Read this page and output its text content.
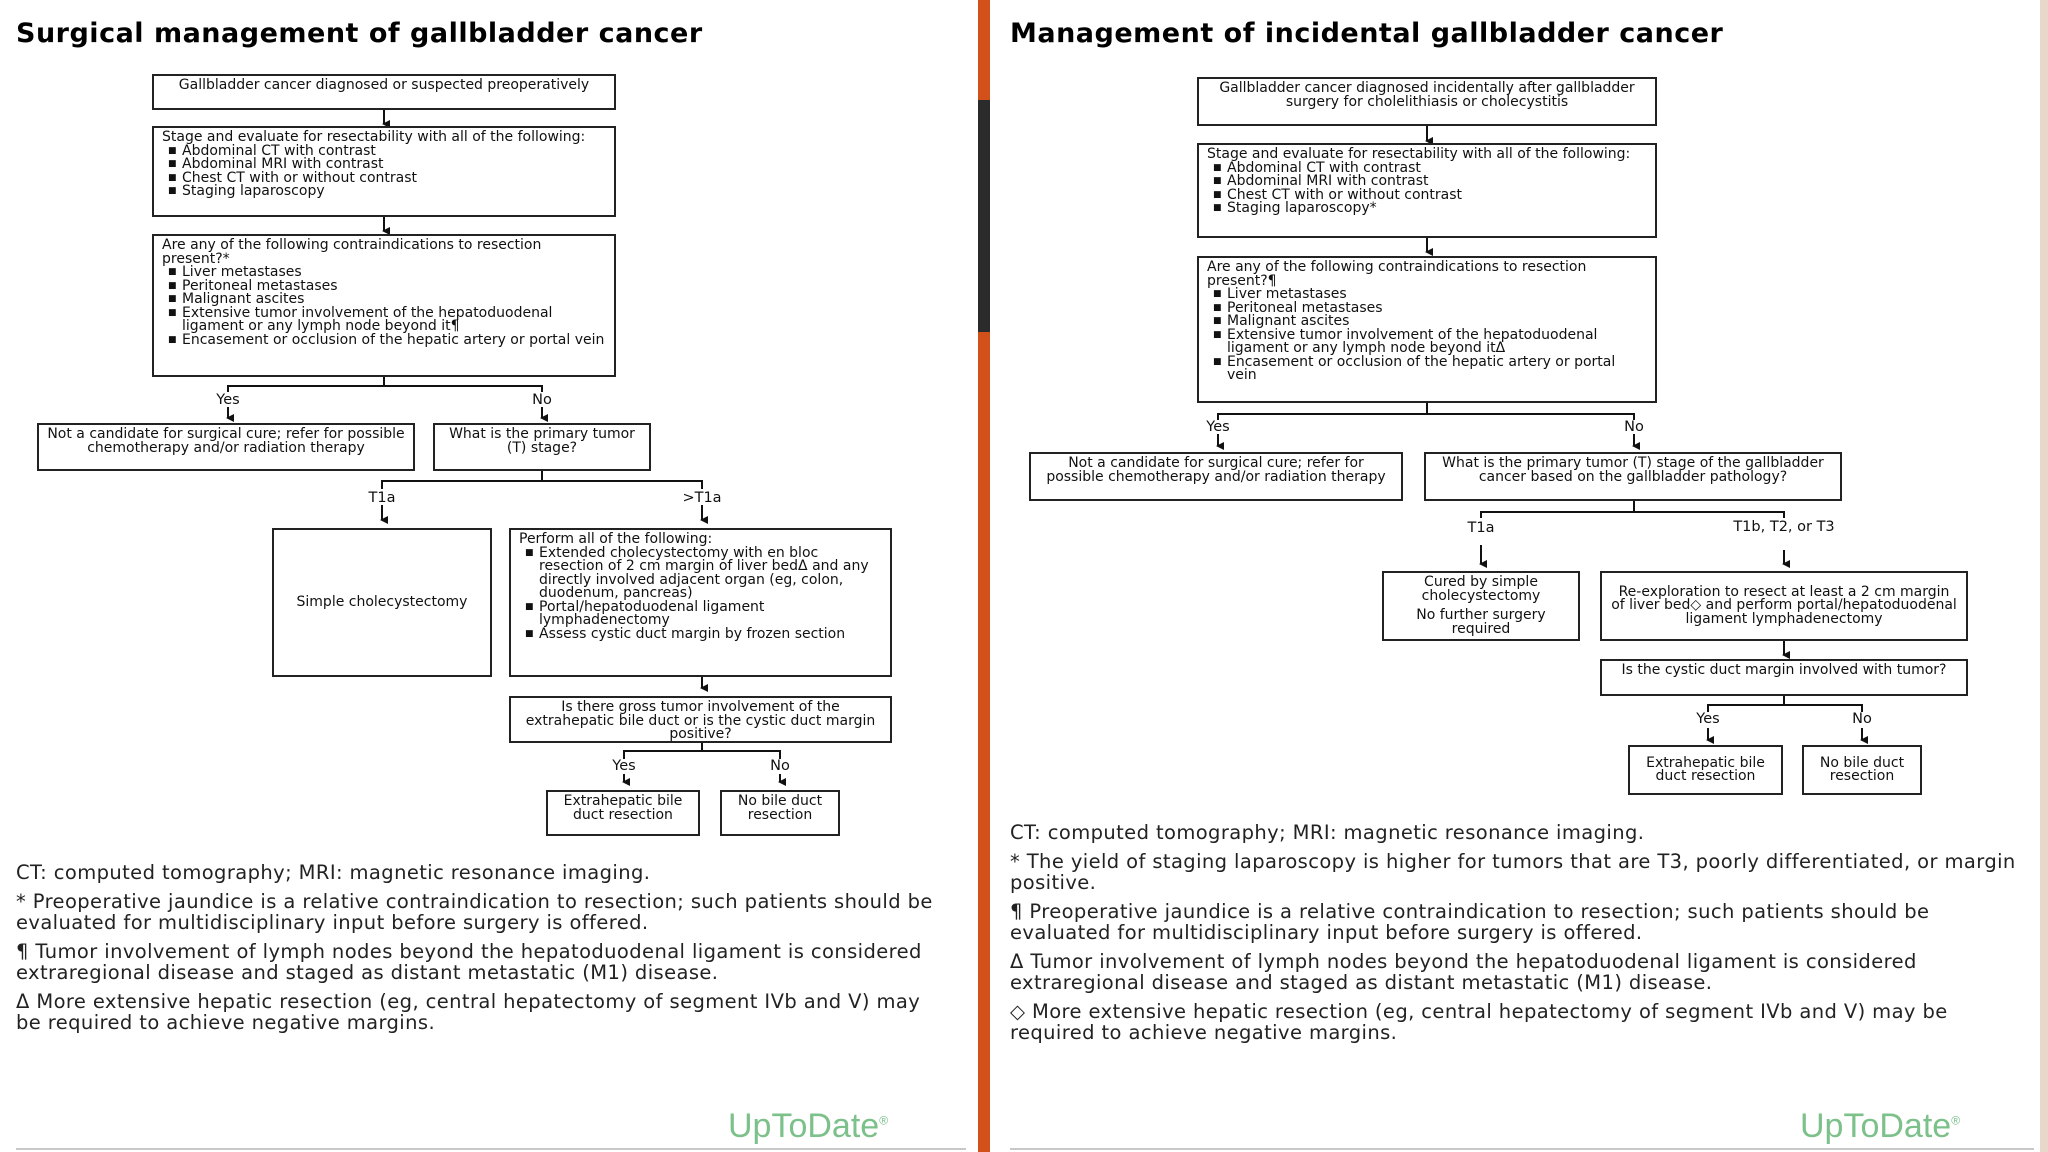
Surgical management of gallbladder cancer
Gallbladder cancer diagnosed or suspected preoperatively
Stage and evaluate for resectability with all of the following:
■ Abdominal CT with contrast
■ Abdominal MRI with contrast
■ Chest CT with or without contrast
■ Staging laparoscopy
Are any of the following contraindications to resection present?*
■ Liver metastases
■ Peritoneal metastases
■ Malignant ascites
■ Extensive tumor involvement of the hepatoduodenal ligament or any lymph node beyond it¶
■ Encasement or occlusion of the hepatic artery or portal vein
Yes	No
Not a candidate for surgical cure; refer for possible chemotherapy and/or radiation therapy
What is the primary tumor (T) stage?
T1a	>T1a
Simple cholecystectomy
Perform all of the following:
■ Extended cholecystectomy with en bloc resection of 2 cm margin of liver bedΔ and any directly involved adjacent organ (eg, colon, duodenum, pancreas)
■ Portal/hepatoduodenal ligament lymphadenectomy
■ Assess cystic duct margin by frozen section
Is there gross tumor involvement of the extrahepatic bile duct or is the cystic duct margin positive?
Yes	No
Extrahepatic bile duct resection
No bile duct resection

CT: computed tomography; MRI: magnetic resonance imaging.

* Preoperative jaundice is a relative contraindication to resection; such patients should be evaluated for multidisciplinary input before surgery is offered.

¶ Tumor involvement of lymph nodes beyond the hepatoduodenal ligament is considered extraregional disease and staged as distant metastatic (M1) disease.

Δ More extensive hepatic resection (eg, central hepatectomy of segment IVb and V) may be required to achieve negative margins.

UpToDate®
Management of incidental gallbladder cancer
Gallbladder cancer diagnosed incidentally after gallbladder surgery for cholelithiasis or cholecystitis
Stage and evaluate for resectability with all of the following:
■ Abdominal CT with contrast
■ Abdominal MRI with contrast
■ Chest CT with or without contrast
■ Staging laparoscopy*
Are any of the following contraindications to resection present?¶
■ Liver metastases
■ Peritoneal metastases
■ Malignant ascites
■ Extensive tumor involvement of the hepatoduodenal ligament or any lymph node beyond itΔ
■ Encasement or occlusion of the hepatic artery or portal vein
Yes	No
Not a candidate for surgical cure; refer for possible chemotherapy and/or radiation therapy
What is the primary tumor (T) stage of the gallbladder cancer based on the gallbladder pathology?
T1a	T1b, T2, or T3
Cured by simple cholecystectomy
No further surgery required
Re-exploration to resect at least a 2 cm margin of liver bed◇ and perform portal/hepatoduodenal ligament lymphadenectomy
Is the cystic duct margin involved with tumor?
Yes	No
Extrahepatic bile duct resection
No bile duct resection

CT: computed tomography; MRI: magnetic resonance imaging.

* The yield of staging laparoscopy is higher for tumors that are T3, poorly differentiated, or margin positive.

¶ Preoperative jaundice is a relative contraindication to resection; such patients should be evaluated for multidisciplinary input before surgery is offered.

Δ Tumor involvement of lymph nodes beyond the hepatoduodenal ligament is considered extraregional disease and staged as distant metastatic (M1) disease.

◇ More extensive hepatic resection (eg, central hepatectomy of segment IVb and V) may be required to achieve negative margins.

UpToDate®
